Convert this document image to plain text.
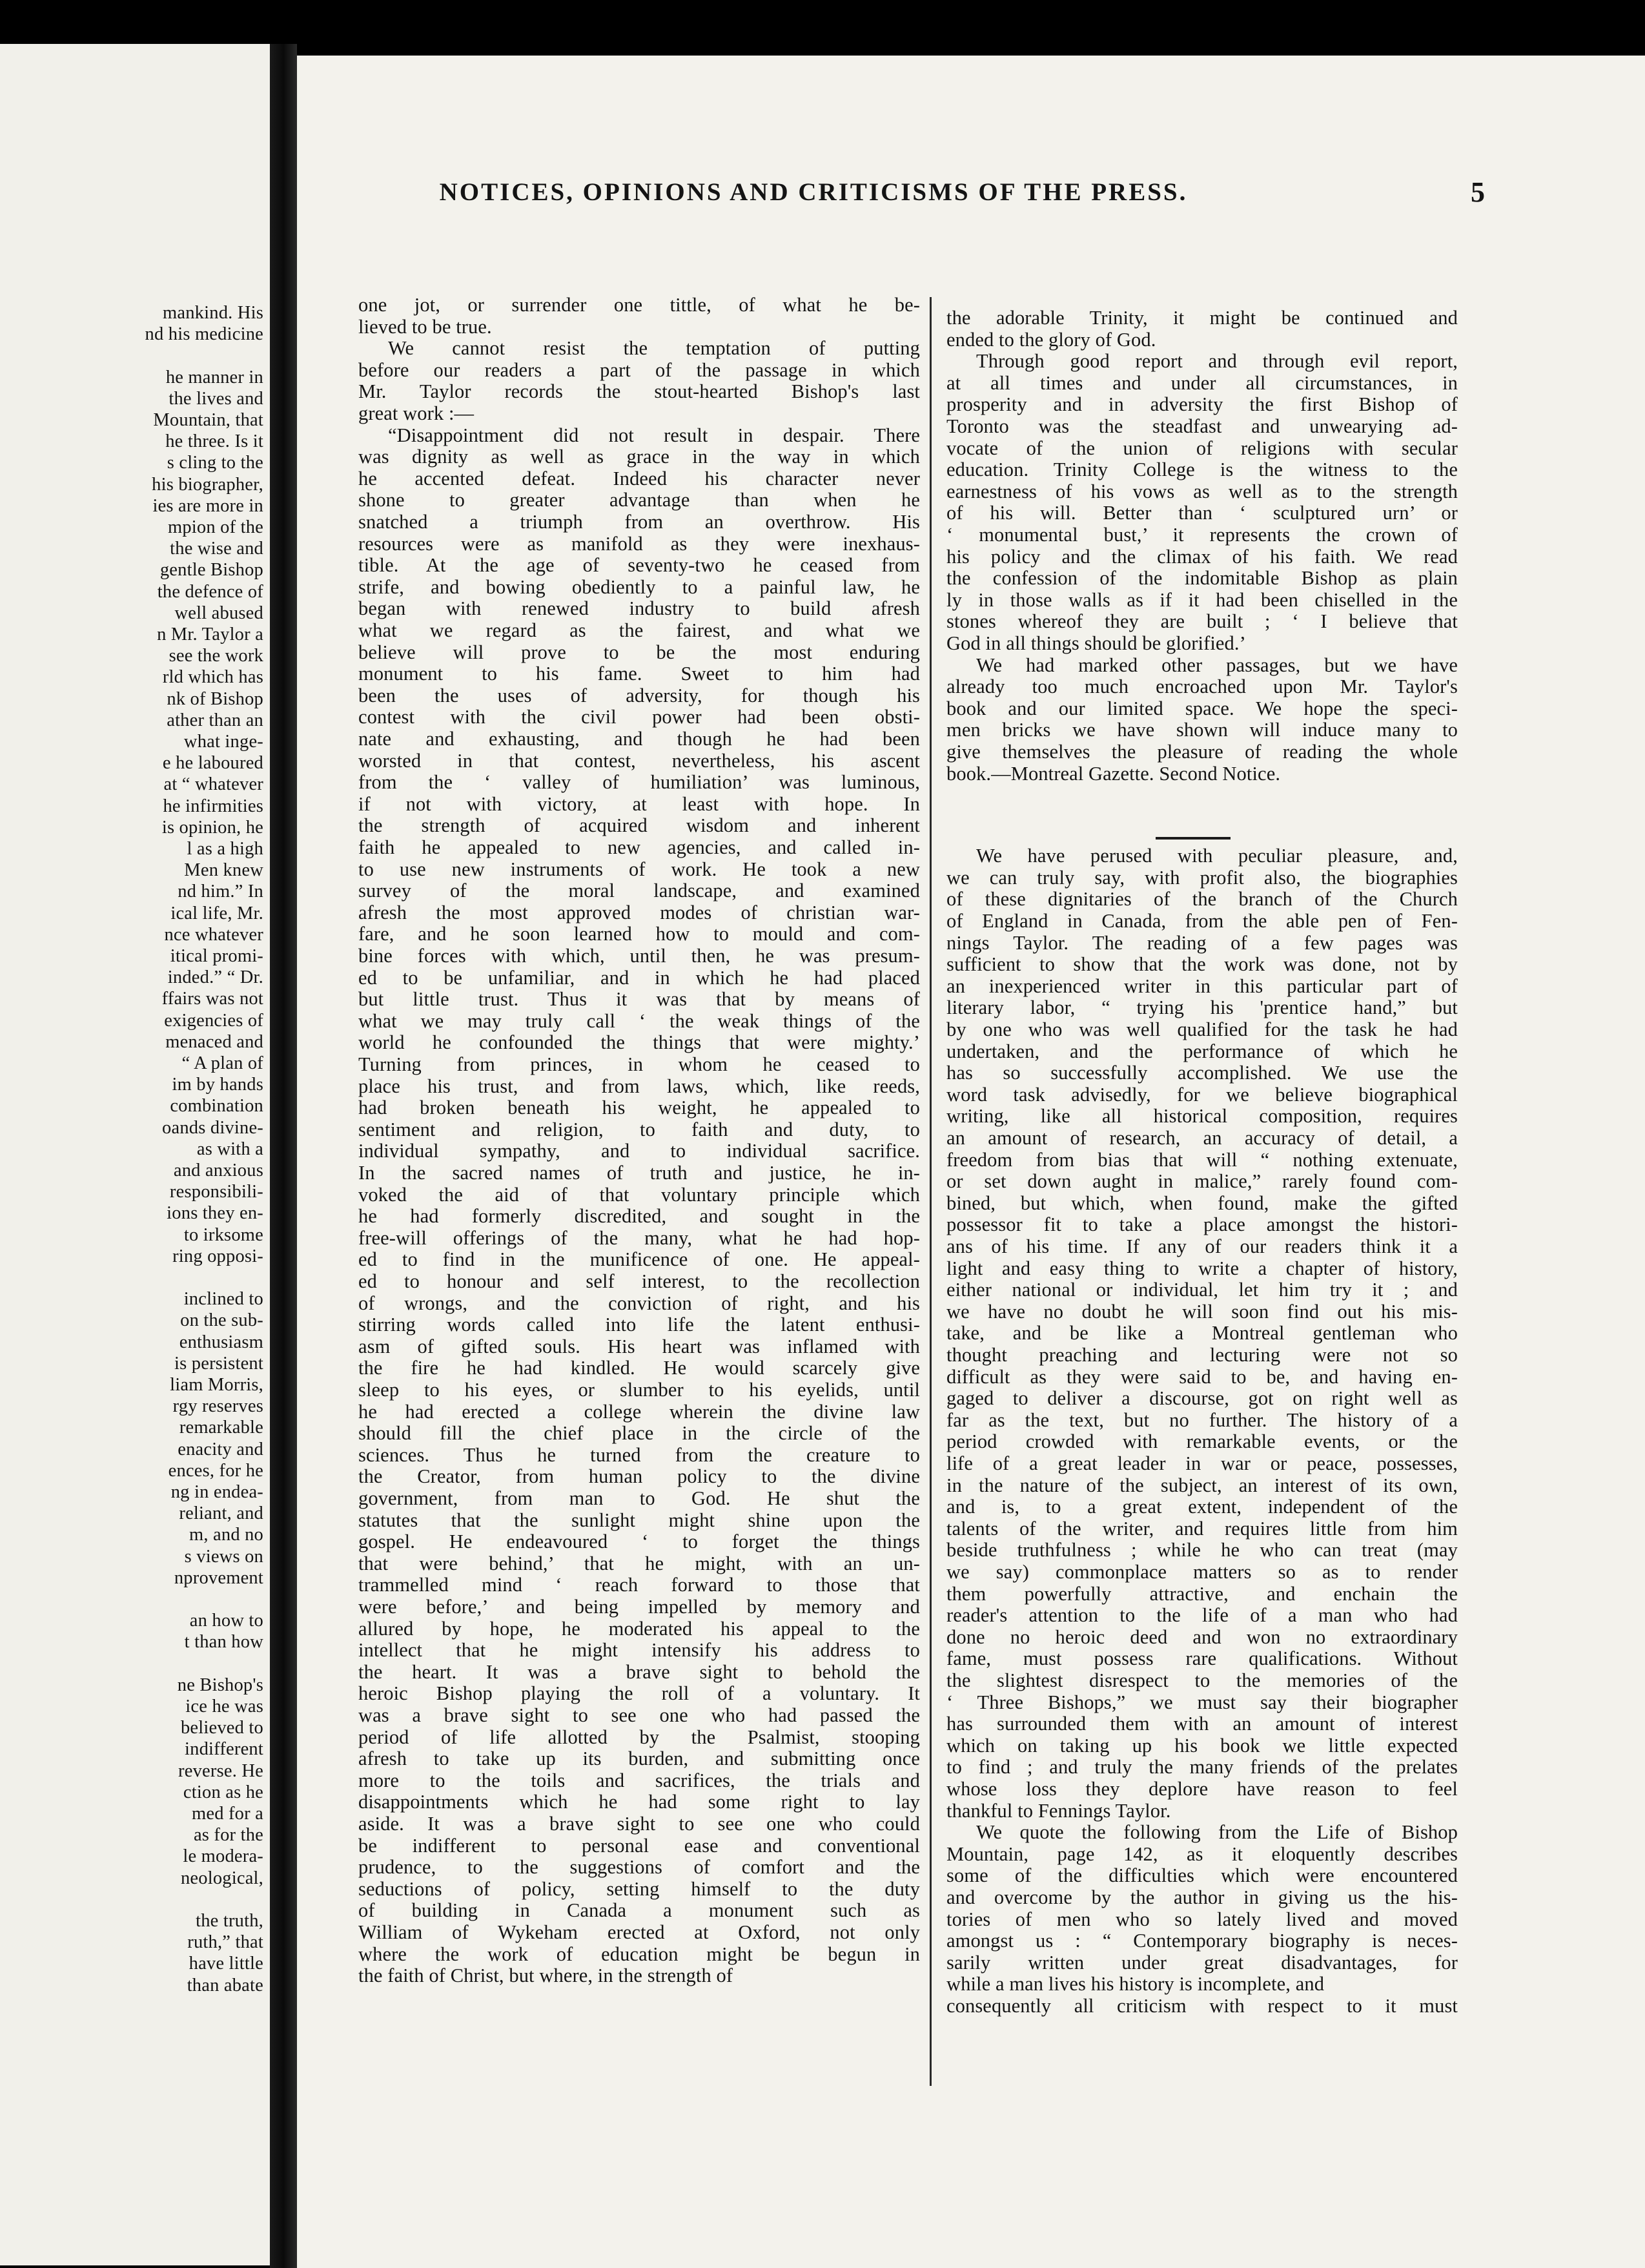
mankind. His
nd his medicine
he manner in
the lives and
Mountain, that
he three. Is it
s cling to the
his biographer,
ies are more in
mpion of the
the wise and
gentle Bishop
the defence of
well abused
n Mr. Taylor a
see the work
rld which has
nk of Bishop
ather than an
what inge-
e he laboured
at “ whatever
he infirmities
is opinion, he
l as a high
Men knew
nd him.” In
ical life, Mr.
nce whatever
itical promi-
inded.” “ Dr.
ffairs was not
exigencies of
menaced and
“ A plan of
im by hands
combination
oands divine-
as with a
and anxious
responsibili-
ions they en-
to irksome
ring opposi-
inclined to
on the sub-
enthusiasm
is persistent
liam Morris,
rgy reserves
remarkable
enacity and
ences, for he
ng in endea-
reliant, and
m, and no
s views on
nprovement
an how to
t than how
ne Bishop's
ice he was
believed to
indifferent
reverse. He
ction as he
med for a
as for the
le modera-
neological,
the truth,
ruth,” that
have little
than abate
NOTICES, OPINIONS AND CRITICISMS OF THE PRESS.	5
one jot, or surrender one tittle, of what he be-
lieved to be true.
We cannot resist the temptation of putting
before our readers a part of the passage in which
Mr. Taylor records the stout-hearted Bishop's last
great work :—
“Disappointment did not result in despair. There
was dignity as well as grace in the way in which
he accented defeat. Indeed his character never
shone to greater advantage than when he
snatched a triumph from an overthrow. His
resources were as manifold as they were inexhaus-
tible. At the age of seventy-two he ceased from
strife, and bowing obediently to a painful law, he
began with renewed industry to build afresh
what we regard as the fairest, and what we
believe will prove to be the most enduring
monument to his fame. Sweet to him had
been the uses of adversity, for though his
contest with the civil power had been obsti-
nate and exhausting, and though he had been
worsted in that contest, nevertheless, his ascent
from the ‘ valley of humiliation’ was luminous,
if not with victory, at least with hope. In
the strength of acquired wisdom and inherent
faith he appealed to new agencies, and called in-
to use new instruments of work. He took a new
survey of the moral landscape, and examined
afresh the most approved modes of christian war-
fare, and he soon learned how to mould and com-
bine forces with which, until then, he was presum-
ed to be unfamiliar, and in which he had placed
but little trust. Thus it was that by means of
what we may truly call ‘ the weak things of the
world he confounded the things that were mighty.’
Turning from princes, in whom he ceased to
place his trust, and from laws, which, like reeds,
had broken beneath his weight, he appealed to
sentiment and religion, to faith and duty, to
individual sympathy, and to individual sacrifice.
In the sacred names of truth and justice, he in-
voked the aid of that voluntary principle which
he had formerly discredited, and sought in the
free-will offerings of the many, what he had hop-
ed to find in the munificence of one. He appeal-
ed to honour and self interest, to the recollection
of wrongs, and the conviction of right, and his
stirring words called into life the latent enthusi-
asm of gifted souls. His heart was inflamed with
the fire he had kindled. He would scarcely give
sleep to his eyes, or slumber to his eyelids, until
he had erected a college wherein the divine law
should fill the chief place in the circle of the
sciences. Thus he turned from the creature to
the Creator, from human policy to the divine
government, from man to God. He shut the
statutes that the sunlight might shine upon the
gospel. He endeavoured ‘ to forget the things
that were behind,’ that he might, with an un-
trammelled mind ‘ reach forward to those that
were before,’ and being impelled by memory and
allured by hope, he moderated his appeal to the
intellect that he might intensify his address to
the heart. It was a brave sight to behold the
heroic Bishop playing the roll of a voluntary. It
was a brave sight to see one who had passed the
period of life allotted by the Psalmist, stooping
afresh to take up its burden, and submitting once
more to the toils and sacrifices, the trials and
disappointments which he had some right to lay
aside. It was a brave sight to see one who could
be indifferent to personal ease and conventional
prudence, to the suggestions of comfort and the
seductions of policy, setting himself to the duty
of building in Canada a monument such as
William of Wykeham erected at Oxford, not only
where the work of education might be begun in
the faith of Christ, but where, in the strength of
the adorable Trinity, it might be continued and
ended to the glory of God.
Through good report and through evil report,
at all times and under all circumstances, in
prosperity and in adversity the first Bishop of
Toronto was the steadfast and unwearying ad-
vocate of the union of religions with secular
education. Trinity College is the witness to the
earnestness of his vows as well as to the strength
of his will. Better than ‘ sculptured urn’ or
‘ monumental bust,’ it represents the crown of
his policy and the climax of his faith. We read
the confession of the indomitable Bishop as plain
ly in those walls as if it had been chiselled in the
stones whereof they are built ; ‘ I believe that
God in all things should be glorified.’
We had marked other passages, but we have
already too much encroached upon Mr. Taylor's
book and our limited space. We hope the speci-
men bricks we have shown will induce many to
give themselves the pleasure of reading the whole
book.—Montreal Gazette. Second Notice.
We have perused with peculiar pleasure, and,
we can truly say, with profit also, the biographies
of these dignitaries of the branch of the Church
of England in Canada, from the able pen of Fen-
nings Taylor. The reading of a few pages was
sufficient to show that the work was done, not by
an inexperienced writer in this particular part of
literary labor, “ trying his 'prentice hand,” but
by one who was well qualified for the task he had
undertaken, and the performance of which he
has so successfully accomplished. We use the
word task advisedly, for we believe biographical
writing, like all historical composition, requires
an amount of research, an accuracy of detail, a
freedom from bias that will “ nothing extenuate,
or set down aught in malice,” rarely found com-
bined, but which, when found, make the gifted
possessor fit to take a place amongst the histori-
ans of his time. If any of our readers think it a
light and easy thing to write a chapter of history,
either national or individual, let him try it ; and
we have no doubt he will soon find out his mis-
take, and be like a Montreal gentleman who
thought preaching and lecturing were not so
difficult as they were said to be, and having en-
gaged to deliver a discourse, got on right well as
far as the text, but no further. The history of a
period crowded with remarkable events, or the
life of a great leader in war or peace, possesses,
in the nature of the subject, an interest of its own,
and is, to a great extent, independent of the
talents of the writer, and requires little from him
beside truthfulness ; while he who can treat (may
we say) commonplace matters so as to render
them powerfully attractive, and enchain the
reader's attention to the life of a man who had
done no heroic deed and won no extraordinary
fame, must possess rare qualifications. Without
the slightest disrespect to the memories of the
‘ Three Bishops,” we must say their biographer
has surrounded them with an amount of interest
which on taking up his book we little expected
to find ; and truly the many friends of the prelates
whose loss they deplore have reason to feel
thankful to Fennings Taylor.
We quote the following from the Life of Bishop
Mountain, page 142, as it eloquently describes
some of the difficulties which were encountered
and overcome by the author in giving us the his-
tories of men who so lately lived and moved
amongst us : “ Contemporary biography is neces-
sarily written under great disadvantages, for
while a man lives his history is incomplete, and
consequently all criticism with respect to it must
